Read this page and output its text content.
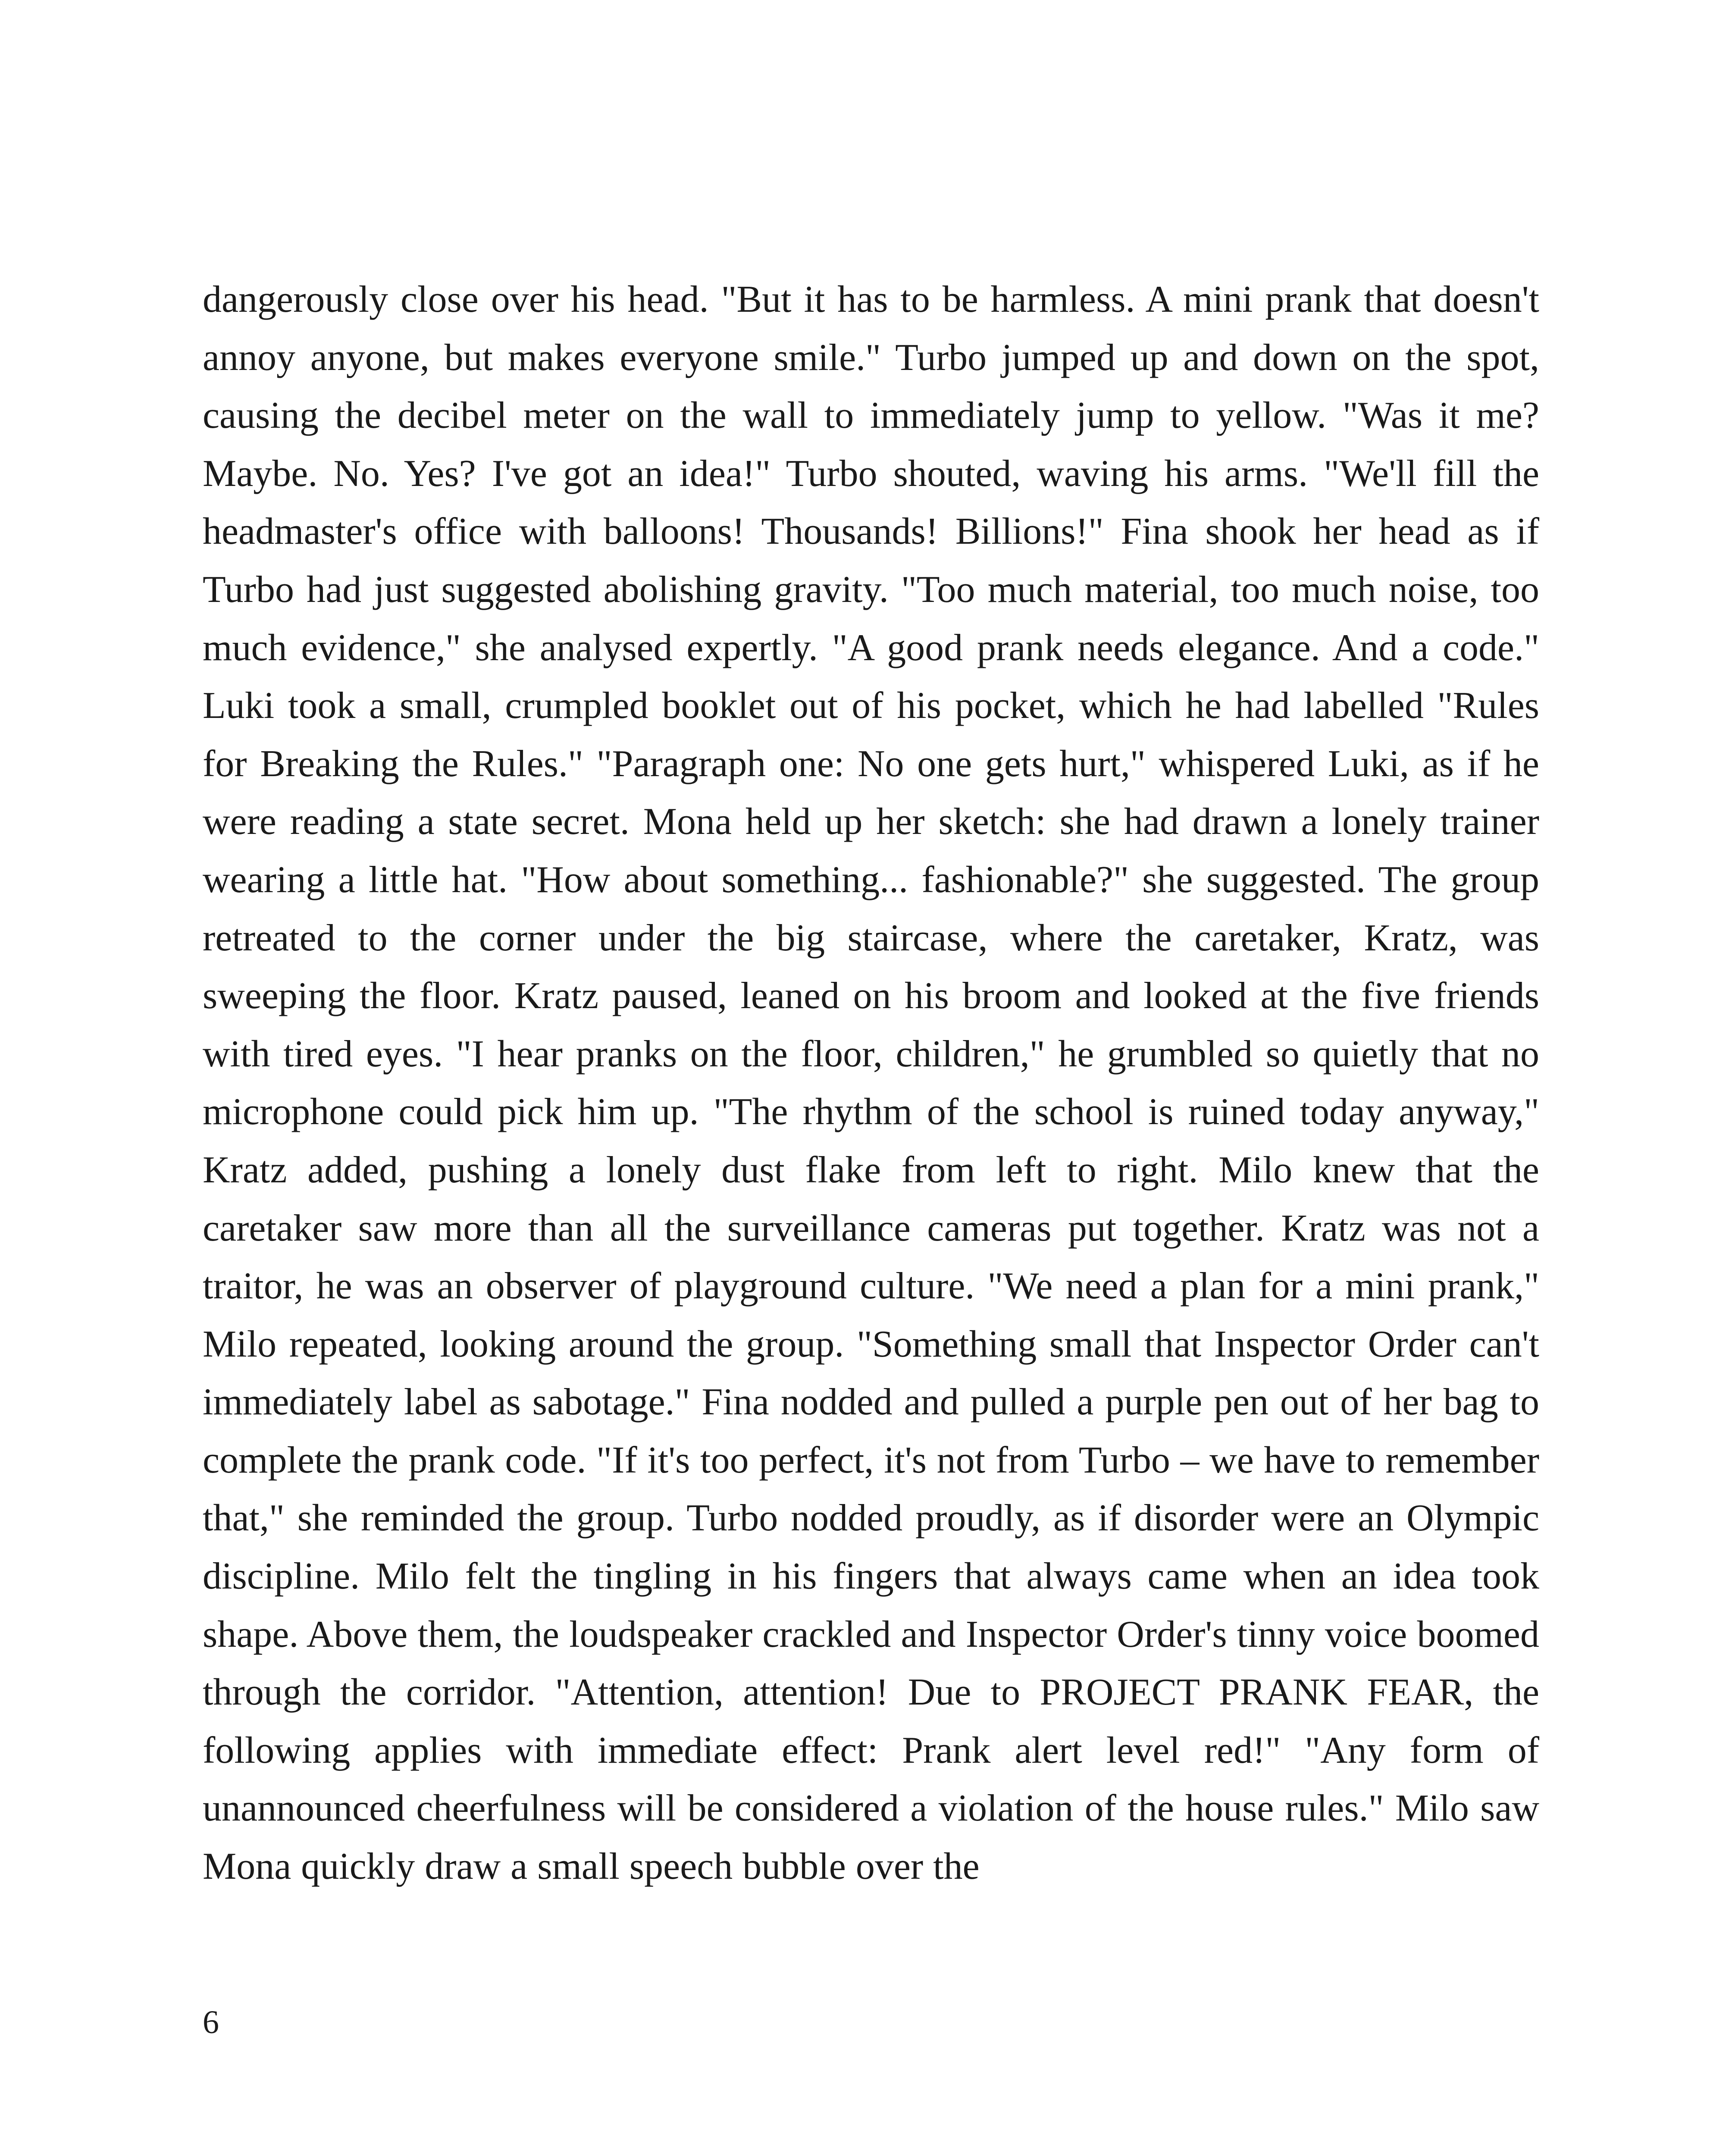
dangerously close over his head. "But it has to be harmless. A mini prank that doesn't annoy anyone, but makes everyone smile." Turbo jumped up and down on the spot, causing the decibel meter on the wall to immediately jump to yellow. "Was it me? Maybe. No. Yes? I've got an idea!" Turbo shouted, waving his arms. "We'll fill the headmaster's office with balloons! Thousands! Billions!" Fina shook her head as if Turbo had just suggested abolishing gravity. "Too much material, too much noise, too much evidence," she analysed expertly. "A good prank needs elegance. And a code." Luki took a small, crumpled booklet out of his pocket, which he had labelled "Rules for Breaking the Rules." "Paragraph one: No one gets hurt," whispered Luki, as if he were reading a state secret. Mona held up her sketch: she had drawn a lonely trainer wearing a little hat. "How about something... fashionable?" she suggested. The group retreated to the corner under the big staircase, where the caretaker, Kratz, was sweeping the floor. Kratz paused, leaned on his broom and looked at the five friends with tired eyes. "I hear pranks on the floor, children," he grumbled so quietly that no microphone could pick him up. "The rhythm of the school is ruined today anyway," Kratz added, pushing a lonely dust flake from left to right. Milo knew that the caretaker saw more than all the surveillance cameras put together. Kratz was not a traitor, he was an observer of playground culture. "We need a plan for a mini prank," Milo repeated, looking around the group. "Something small that Inspector Order can't immediately label as sabotage." Fina nodded and pulled a purple pen out of her bag to complete the prank code. "If it's too perfect, it's not from Turbo – we have to remember that," she reminded the group. Turbo nodded proudly, as if disorder were an Olympic discipline. Milo felt the tingling in his fingers that always came when an idea took shape. Above them, the loudspeaker crackled and Inspector Order's tinny voice boomed through the corridor. "Attention, attention! Due to PROJECT PRANK FEAR, the following applies with immediate effect: Prank alert level red!" "Any form of unannounced cheerfulness will be considered a violation of the house rules." Milo saw Mona quickly draw a small speech bubble over the

6
